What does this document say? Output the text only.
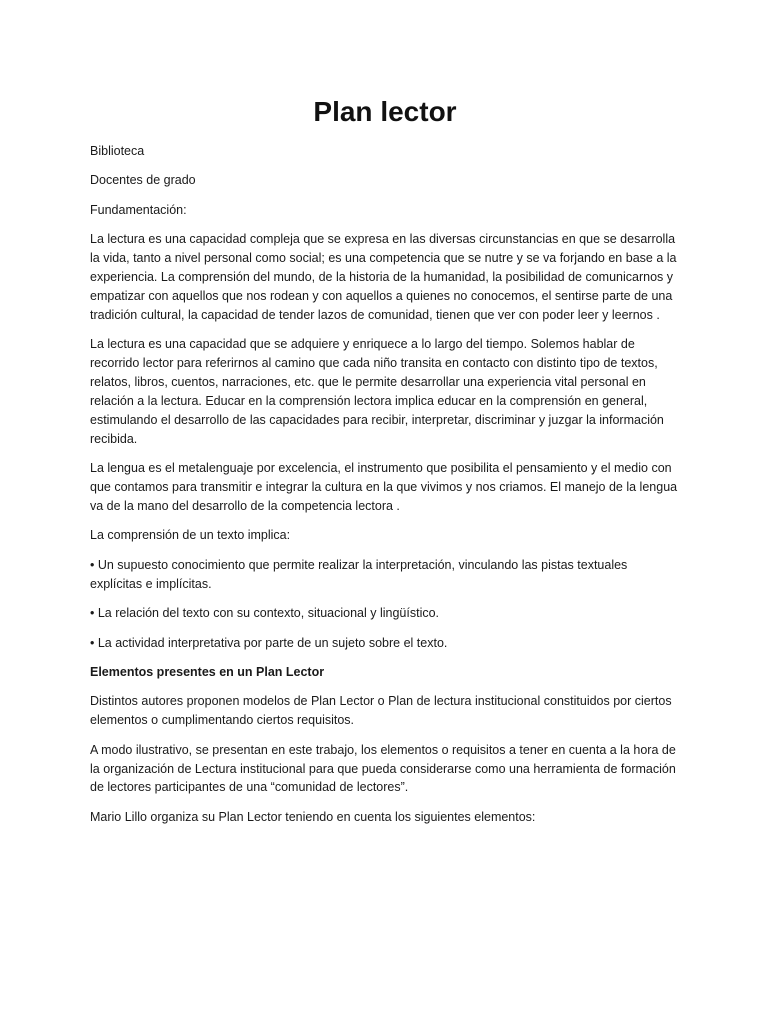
Plan lector

Biblioteca

Docentes de grado

Fundamentación:

La lectura es una capacidad compleja que se expresa en las diversas circunstancias en que se desarrolla la vida, tanto a nivel personal como social; es una competencia que se nutre y se va forjando en base a la experiencia. La comprensión del mundo, de la historia de la humanidad, la posibilidad de comunicarnos y empatizar con aquellos que nos rodean y con aquellos a quienes no conocemos, el sentirse parte de una tradición cultural, la capacidad de tender lazos de comunidad, tienen que ver con poder leer y leernos .

La lectura es una capacidad que se adquiere y enriquece a lo largo del tiempo. Solemos hablar de recorrido lector para referirnos al camino que cada niño transita en contacto con distinto tipo de textos, relatos, libros, cuentos, narraciones, etc. que le permite desarrollar una experiencia vital personal en relación a la lectura. Educar en la comprensión lectora implica educar en la comprensión en general, estimulando el desarrollo de las capacidades para recibir, interpretar, discriminar y juzgar la información recibida.

La lengua es el metalenguaje por excelencia, el instrumento que posibilita el pensamiento y el medio con que contamos para transmitir e integrar la cultura en la que vivimos y nos criamos. El manejo de la lengua va de la mano del desarrollo de la competencia lectora .

La comprensión de un texto implica:

• Un supuesto conocimiento que permite realizar la interpretación, vinculando las pistas textuales explícitas e implícitas.

• La relación del texto con su contexto, situacional y lingüístico.

• La actividad interpretativa por parte de un sujeto sobre el texto.

Elementos presentes en un Plan Lector

Distintos autores proponen modelos de Plan Lector o Plan de lectura institucional constituidos por ciertos elementos o cumplimentando ciertos requisitos.

A modo ilustrativo, se presentan en este trabajo, los elementos o requisitos a tener en cuenta a la hora de la organización de Lectura institucional para que pueda considerarse como una herramienta de formación de lectores participantes de una “comunidad de lectores”.

Mario Lillo organiza su Plan Lector teniendo en cuenta los siguientes elementos:
